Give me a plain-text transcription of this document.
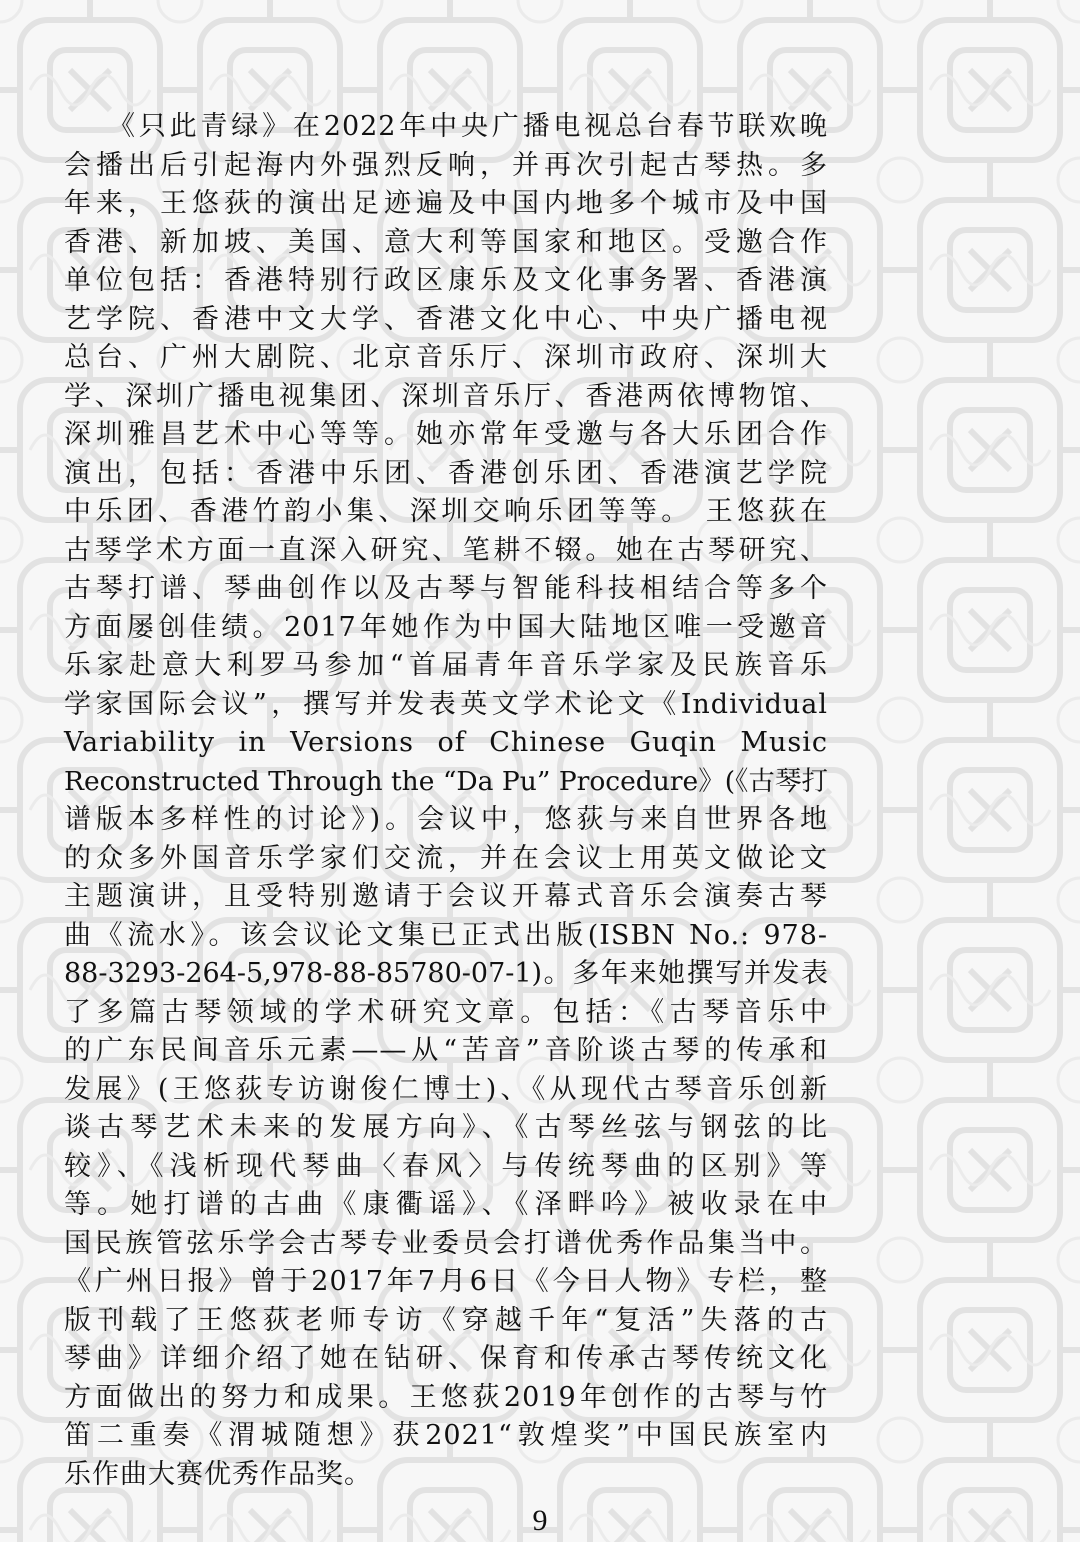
《只此青绿》在2022年中央广播电视总台春节联欢晚
会播出后引起海内外强烈反响，并再次引起古琴热。多
年来，王悠荻的演出足迹遍及中国内地多个城市及中国
香港、新加坡、美国、意大利等国家和地区。受邀合作
单位包括：香港特别行政区康乐及文化事务署、香港演
艺学院、香港中文大学、香港文化中心、中央广播电视
总台、广州大剧院、北京音乐厅、深圳市政府、深圳大
学、深圳广播电视集团、深圳音乐厅、香港两依博物馆、
深圳雅昌艺术中心等等。她亦常年受邀与各大乐团合作
演出，包括：香港中乐团、香港创乐团、香港演艺学院
中乐团、香港竹韵小集、深圳交响乐团等等。 王悠荻在
古琴学术方面一直深入研究、笔耕不辍。她在古琴研究、
古琴打谱、琴曲创作以及古琴与智能科技相结合等多个
方面屡创佳绩。2017年她作为中国大陆地区唯一受邀音
乐家赴意大利罗马参加“首届青年音乐学家及民族音乐
学家国际会议”，撰写并发表英文学术论文《Individual
Variability in Versions of Chinese Guqin Music
Reconstructed Through the “Da Pu” Procedure》(《古琴打
谱版本多样性的讨论》)。会议中，悠荻与来自世界各地
的众多外国音乐学家们交流，并在会议上用英文做论文
主题演讲，且受特别邀请于会议开幕式音乐会演奏古琴
曲《流水》。该会议论文集已正式出版(ISBN No.: 978-
88-3293-264-5,978-88-85780-07-1)。多年来她撰写并发表
了多篇古琴领域的学术研究文章。包括：《古琴音乐中
的广东民间音乐元素——从“苦音”音阶谈古琴的传承和
发展》(王悠荻专访谢俊仁博士)、《从现代古琴音乐创新
谈古琴艺术未来的发展方向》、《古琴丝弦与钢弦的比
较》、《浅析现代琴曲〈春风〉与传统琴曲的区别》等
等。她打谱的古曲《康衢谣》、《泽畔吟》被收录在中
国民族管弦乐学会古琴专业委员会打谱优秀作品集当中。
《广州日报》曾于2017年7月6日《今日人物》专栏，整
版刊载了王悠荻老师专访《穿越千年“复活”失落的古
琴曲》详细介绍了她在钻研、保育和传承古琴传统文化
方面做出的努力和成果。王悠荻2019年创作的古琴与竹
笛二重奏《渭城随想》获2021“敦煌奖”中国民族室内
乐作曲大赛优秀作品奖。
9
